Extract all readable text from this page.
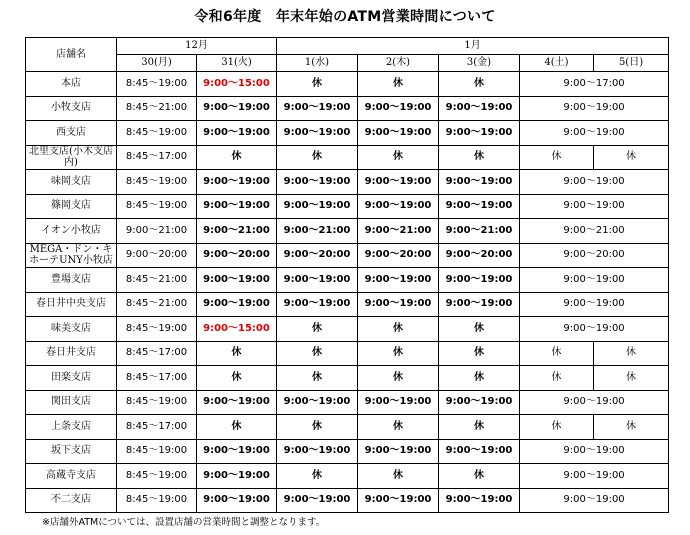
令和6年度　年末年始のATM営業時間について
店舗名	12月		1月				
	30(月)	31(火)	1(水)	2(木)	3(金)	4(土)	5(日)
本店	8:45〜19:00	9:00〜15:00	休	休	休	9:00〜17:00	
小牧支店	8:45〜21:00	9:00〜19:00	9:00〜19:00	9:00〜19:00	9:00〜19:00	9:00〜19:00	
西支店	8:45〜19:00	9:00〜19:00	9:00〜19:00	9:00〜19:00	9:00〜19:00	9:00〜19:00	
北里支店(小木支店内)	8:45〜17:00	休	休	休	休	休	休
味岡支店	8:45〜19:00	9:00〜19:00	9:00〜19:00	9:00〜19:00	9:00〜19:00	9:00〜19:00	
篠岡支店	8:45〜19:00	9:00〜19:00	9:00〜19:00	9:00〜19:00	9:00〜19:00	9:00〜19:00	
イオン小牧店	9:00〜21:00	9:00〜21:00	9:00〜21:00	9:00〜21:00	9:00〜21:00	9:00〜21:00	
MEGA・ドン・キホーテUNY小牧店	9:00〜20:00	9:00〜20:00	9:00〜20:00	9:00〜20:00	9:00〜20:00	9:00〜20:00	
豊場支店	8:45〜21:00	9:00〜19:00	9:00〜19:00	9:00〜19:00	9:00〜19:00	9:00〜19:00	
春日井中央支店	8:45〜21:00	9:00〜19:00	9:00〜19:00	9:00〜19:00	9:00〜19:00	9:00〜19:00	
味美支店	8:45〜19:00	9:00〜15:00	休	休	休	9:00〜19:00	
春日井支店	8:45〜17:00	休	休	休	休	休	休
田楽支店	8:45〜17:00	休	休	休	休	休	休
関田支店	8:45〜19:00	9:00〜19:00	9:00〜19:00	9:00〜19:00	9:00〜19:00	9:00〜19:00	
上条支店	8:45〜17:00	休	休	休	休	休	休
坂下支店	8:45〜19:00	9:00〜19:00	9:00〜19:00	9:00〜19:00	9:00〜19:00	9:00〜19:00	
高蔵寺支店	8:45〜19:00	9:00〜19:00	休	休	休	9:00〜19:00	
不二支店	8:45〜19:00	9:00〜19:00	9:00〜19:00	9:00〜19:00	9:00〜19:00	9:00〜19:00	
※店舗外ATMについては、設置店舗の営業時間と調整となります。
